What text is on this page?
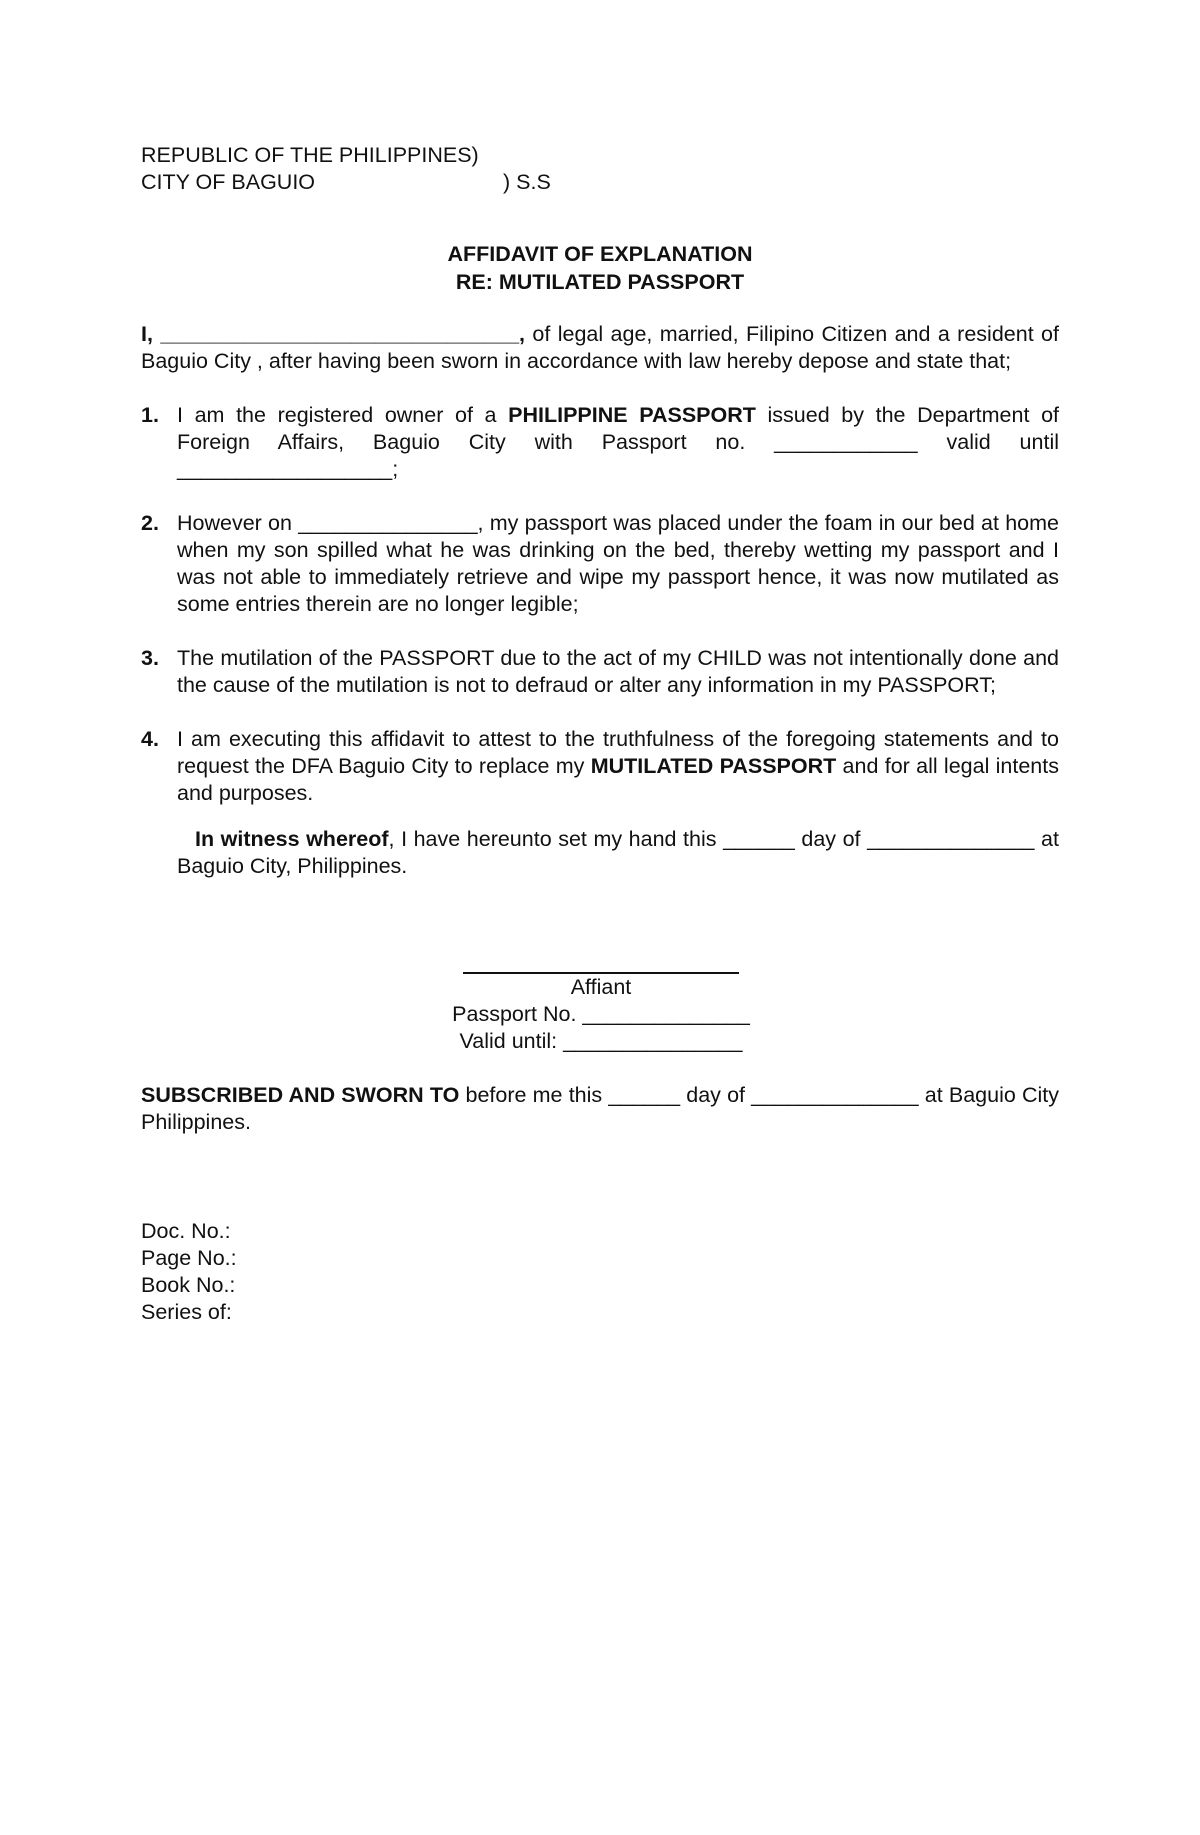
REPUBLIC OF THE PHILIPPINES)
CITY OF BAGUIO	) S.S
AFFIDAVIT OF EXPLANATION
RE: MUTILATED PASSPORT
I, ______________________________, of legal age, married, Filipino Citizen and a resident of Baguio City , after having been sworn in accordance with law hereby depose and state that;
1. I am the registered owner of a PHILIPPINE PASSPORT issued by the Department of Foreign Affairs, Baguio City with Passport no. ____________ valid until __________________;
2. However on _______________, my passport was placed under the foam in our bed at home when my son spilled what he was drinking on the bed, thereby wetting my passport and I was not able to immediately retrieve and wipe my passport hence, it was now mutilated as some entries therein are no longer legible;
3. The mutilation of the PASSPORT due to the act of my CHILD was not intentionally done and the cause of the mutilation is not to defraud or alter any information in my PASSPORT;
4. I am executing this affidavit to attest to the truthfulness of the foregoing statements and to request the DFA Baguio City to replace my MUTILATED PASSPORT and for all legal intents and purposes.
In witness whereof, I have hereunto set my hand this ______ day of ______________ at Baguio City, Philippines.
Affiant
Passport No. ______________
Valid until: _______________
SUBSCRIBED AND SWORN TO before me this ______ day of ______________ at Baguio City Philippines.
Doc. No.:
Page No.:
Book No.:
Series of:
